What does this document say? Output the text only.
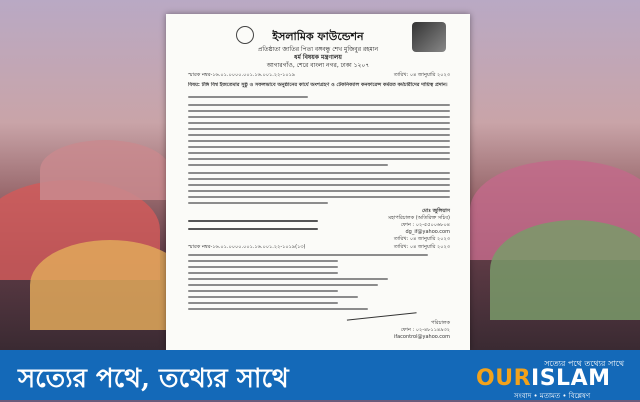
ইসলামিক ফাউন্ডেশন
প্রতিষ্ঠাতা জাতির পিতা বঙ্গবন্ধু শেখ মুজিবুর রহমান
ধর্ম বিষয়ক মন্ত্রণালয়
আগারগাঁও, শেরে বাংলা নগর, ঢাকা ১২০৭
স্মারক নম্বর-১৬.০১.০০০০.০০১.১৬.০০১.২২-১০১৯	তারিখ: ০৪ জানুয়ারি ২০২৩
বিষয়: টঙ্গি বিশ্ব ইজতেমার সুষ্ঠু ও সফলভাবে অনুষ্ঠানের কার্যে অংশগ্রহণ ও টেকনিক্যাল কনফারেন্স কর্মরত কর্মচারীদের দায়িত্ব প্রদান।
মোঃ জুলিয়াস
মহাপরিচালক (অতিরিক্ত সচিব)
ফোন : ০২-৫৫০০৬৮০৪
dg_if@yahoo.com
তারিখ: ০৪ জানুয়ারি ২০২৩
স্মারক নম্বর-১৬.০১.০০০০.০০১.১৬.০০১.২২-১০১৯(১৩)	তারিখ: ০৪ জানুয়ারি ২০২৩
পরিচালক
ফোন : ০২-৪৮১১৪৯৩২
ifacontrol@yahoo.com
সত্যের পথে, তথ্যের সাথে
সত্যের পথে তথ্যের সাথে
OURISLAM
সংবাদ • মতামত • বিশ্লেষণ
